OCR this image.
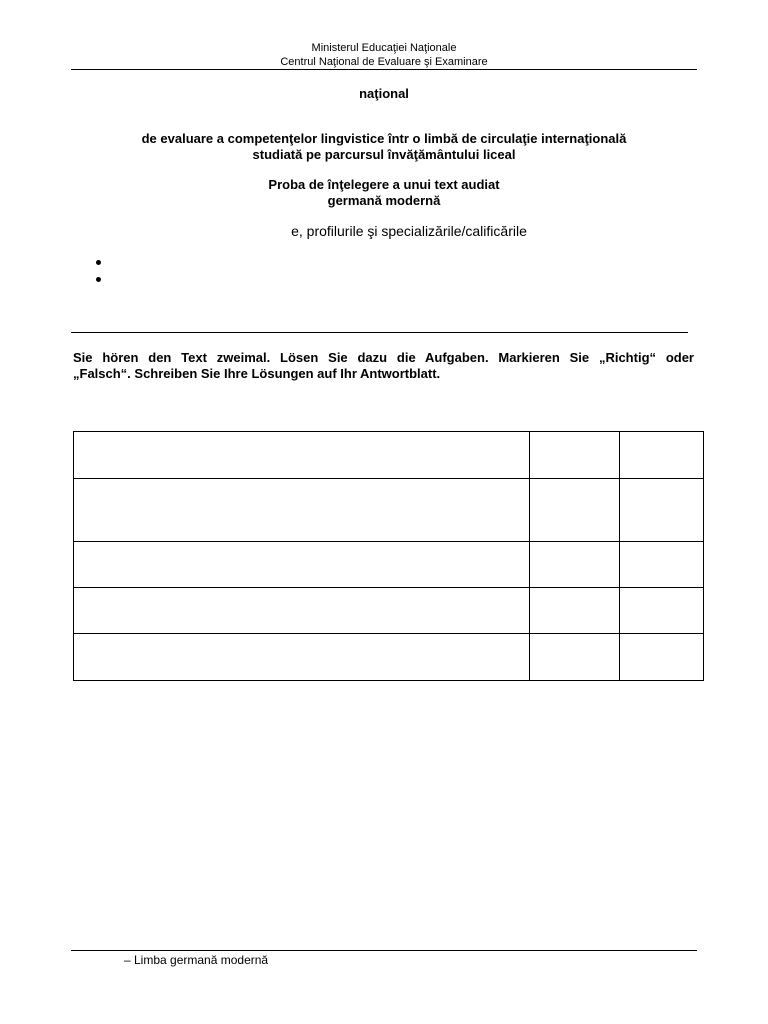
Ministerul Educaţiei Naţionale
Centrul Naţional de Evaluare şi Examinare
naţional
de evaluare a competenţelor lingvistice într o limbă de circulaţie internaţională
studiată pe parcursul învăţământului liceal
Proba de înţelegere a unui text audiat
germană modernă
e, profilurile şi specializările/calificările
Sie hören den Text zweimal. Lösen Sie dazu die Aufgaben. Markieren Sie „Richtig“ oder
„Falsch“. Schreiben Sie Ihre Lösungen auf Ihr Antwortblatt.

– Limba germană modernă
